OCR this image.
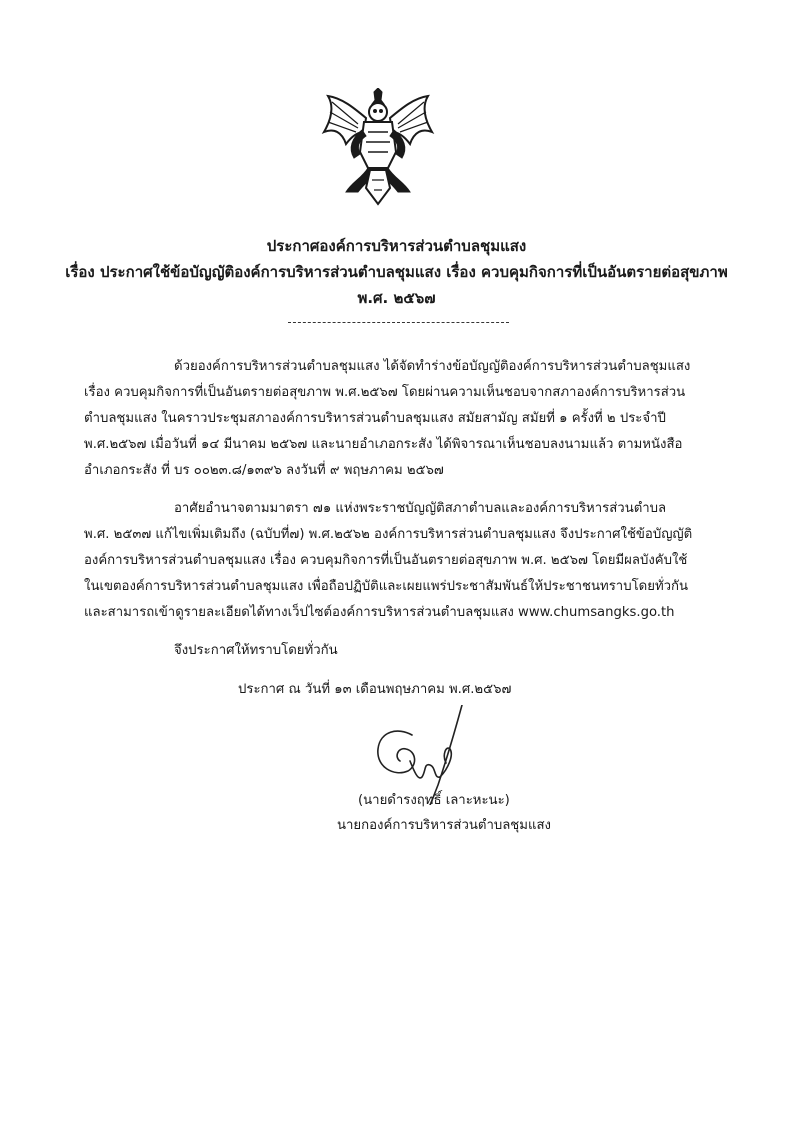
ประกาศองค์การบริหารส่วนตำบลชุมแสง
เรื่อง ประกาศใช้ข้อบัญญัติองค์การบริหารส่วนตำบลชุมแสง เรื่อง ควบคุมกิจการที่เป็นอันตรายต่อสุขภาพ
พ.ศ. ๒๕๖๗
ด้วยองค์การบริหารส่วนตำบลชุมแสง ได้จัดทำร่างข้อบัญญัติองค์การบริหารส่วนตำบลชุมแสง
เรื่อง ควบคุมกิจการที่เป็นอันตรายต่อสุขภาพ พ.ศ.๒๕๖๗ โดยผ่านความเห็นชอบจากสภาองค์การบริหารส่วน
ตำบลชุมแสง ในคราวประชุมสภาองค์การบริหารส่วนตำบลชุมแสง สมัยสามัญ สมัยที่ ๑ ครั้งที่ ๒ ประจำปี
พ.ศ.๒๕๖๗ เมื่อวันที่ ๑๔ มีนาคม ๒๕๖๗ และนายอำเภอกระสัง ได้พิจารณาเห็นชอบลงนามแล้ว ตามหนังสือ
อำเภอกระสัง ที่ บร ๐๐๒๓.๘/๑๓๙๖ ลงวันที่ ๙ พฤษภาคม ๒๕๖๗
อาศัยอำนาจตามมาตรา ๗๑ แห่งพระราชบัญญัติสภาตำบลและองค์การบริหารส่วนตำบล
พ.ศ. ๒๕๓๗ แก้ไขเพิ่มเติมถึง (ฉบับที่๗) พ.ศ.๒๕๖๒ องค์การบริหารส่วนตำบลชุมแสง จึงประกาศใช้ข้อบัญญัติ
องค์การบริหารส่วนตำบลชุมแสง เรื่อง ควบคุมกิจการที่เป็นอันตรายต่อสุขภาพ พ.ศ. ๒๕๖๗ โดยมีผลบังคับใช้
ในเขตองค์การบริหารส่วนตำบลชุมแสง เพื่อถือปฏิบัติและเผยแพร่ประชาสัมพันธ์ให้ประชาชนทราบโดยทั่วกัน
และสามารถเข้าดูรายละเอียดได้ทางเว็ปไซต์องค์การบริหารส่วนตำบลชุมแสง www.chumsangks.go.th
จึงประกาศให้ทราบโดยทั่วกัน
ประกาศ ณ วันที่ ๑๓ เดือนพฤษภาคม พ.ศ.๒๕๖๗
(นายดำรงฤทธิ์ เลาะหะนะ)
นายกองค์การบริหารส่วนตำบลชุมแสง
